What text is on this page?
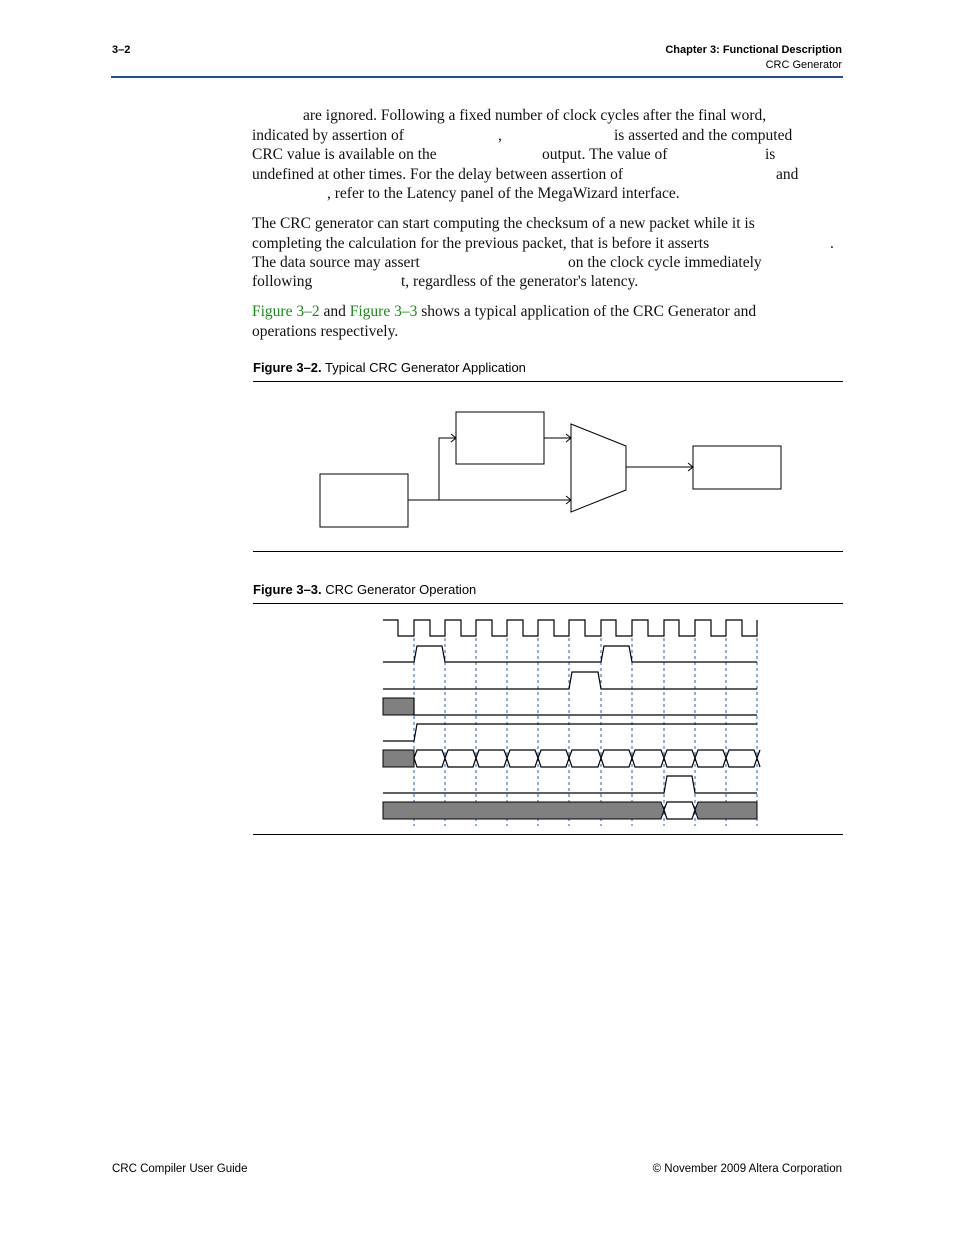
3–2	Chapter 3: Functional Description
CRC Generator
are ignored. Following a fixed number of clock cycles after the final word,
indicated by assertion of	,	is asserted and the computed
CRC value is available on the	output. The value of	is
undefined at other times. For the delay between assertion of	and
, refer to the Latency panel of the MegaWizard interface.
The CRC generator can start computing the checksum of a new packet while it is
completing the calculation for the previous packet, that is before it asserts	.
The data source may assert	on the clock cycle immediately
following	t, regardless of the generator's latency.
Figure 3–2 and Figure 3–3 shows a typical application of the CRC Generator and
operations respectively.
Figure 3–2. Typical CRC Generator Application
Figure 3–3. CRC Generator Operation
CRC Compiler User Guide	© November 2009 Altera Corporation
